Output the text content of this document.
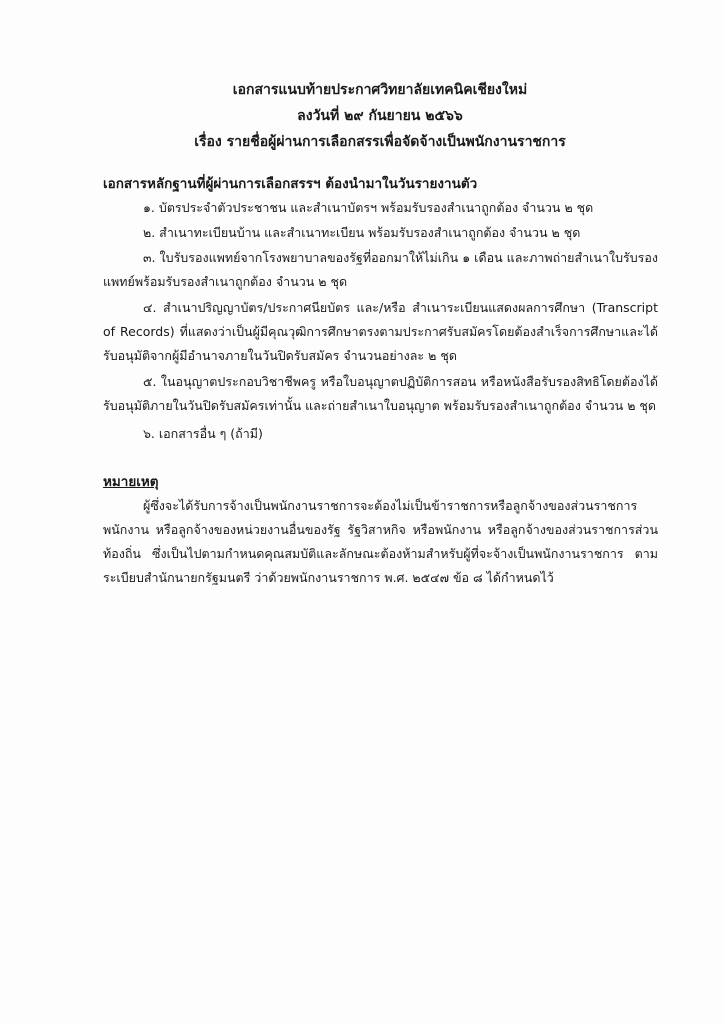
เอกสารแนบท้ายประกาศวิทยาลัยเทคนิคเชียงใหม่
ลงวันที่ ๒๙ กันยายน ๒๕๖๖
เรื่อง รายชื่อผู้ผ่านการเลือกสรรเพื่อจัดจ้างเป็นพนักงานราชการ
เอกสารหลักฐานที่ผู้ผ่านการเลือกสรรฯ ต้องนำมาในวันรายงานตัว
๑. บัตรประจำตัวประชาชน และสำเนาบัตรฯ พร้อมรับรองสำเนาถูกต้อง จำนวน ๒ ชุด
๒. สำเนาทะเบียนบ้าน และสำเนาทะเบียน พร้อมรับรองสำเนาถูกต้อง จำนวน ๒ ชุด
๓. ใบรับรองแพทย์จากโรงพยาบาลของรัฐที่ออกมาให้ไม่เกิน ๑ เดือน และภาพถ่ายสำเนาใบรับรองแพทย์พร้อมรับรองสำเนาถูกต้อง จำนวน ๒ ชุด
๔. สำเนาปริญญาบัตร/ประกาศนียบัตร และ/หรือ สำเนาระเบียนแสดงผลการศึกษา (Transcript of Records) ที่แสดงว่าเป็นผู้มีคุณวุฒิการศึกษาตรงตามประกาศรับสมัครโดยต้องสำเร็จการศึกษาและได้รับอนุมัติจากผู้มีอำนาจภายในวันปิดรับสมัคร จำนวนอย่างละ ๒ ชุด
๕. ในอนุญาตประกอบวิชาชีพครู หรือใบอนุญาตปฏิบัติการสอน หรือหนังสือรับรองสิทธิโดยต้องได้รับอนุมัติภายในวันปิดรับสมัครเท่านั้น และถ่ายสำเนาใบอนุญาต พร้อมรับรองสำเนาถูกต้อง จำนวน ๒ ชุด
๖. เอกสารอื่น ๆ (ถ้ามี)
หมายเหตุ
ผู้ซึ่งจะได้รับการจ้างเป็นพนักงานราชการจะต้องไม่เป็นข้าราชการหรือลูกจ้างของส่วนราชการ พนักงาน หรือลูกจ้างของหน่วยงานอื่นของรัฐ รัฐวิสาหกิจ หรือพนักงาน หรือลูกจ้างของส่วนราชการส่วนท้องถิ่น ซึ่งเป็นไปตามกำหนดคุณสมบัติและลักษณะต้องห้ามสำหรับผู้ที่จะจ้างเป็นพนักงานราชการ ตามระเบียบสำนักนายกรัฐมนตรี ว่าด้วยพนักงานราชการ พ.ศ. ๒๕๔๗ ข้อ ๘ ได้กำหนดไว้
